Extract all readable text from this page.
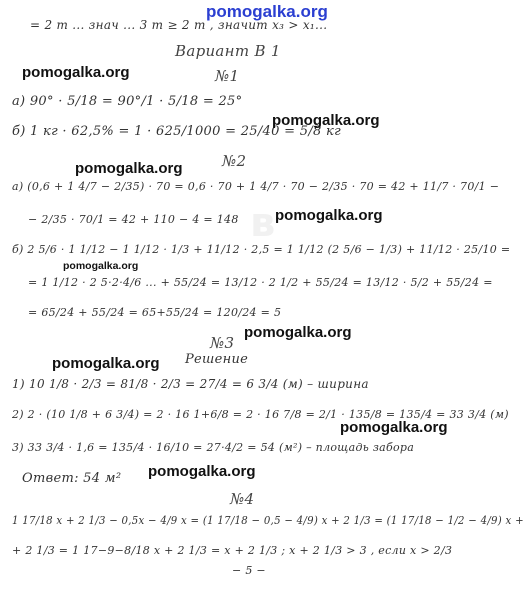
в
= 2 m ... знач ... 3 m ≥ 2 m , значит x₃ > x₁...
Вариант В 1
№1
а) 90° · 5/18 = 90°/1 · 5/18 = 25°
б) 1 кг · 62,5% = 1 · 625/1000 = 25/40 = 5/8 кг
№2
а) (0,6 + 1 4/7 − 2/35) · 70 = 0,6 · 70 + 1 4/7 · 70 − 2/35 · 70 = 42 + 11/7 · 70/1 −
− 2/35 · 70/1 = 42 + 110 − 4 = 148
б) 2 5/6 · 1 1/12 − 1 1/12 · 1/3 + 11/12 · 2,5 = 1 1/12 (2 5/6 − 1/3) + 11/12 · 25/10 =
= 1 1/12 · 2 5·2·4/6 ... + 55/24 = 13/12 · 2 1/2 + 55/24 = 13/12 · 5/2 + 55/24 =
= 65/24 + 55/24 = 65+55/24 = 120/24 = 5
№3
Решение
1) 10 1/8 · 2/3 = 81/8 · 2/3 = 27/4 = 6 3/4 (м) – ширина
2) 2 · (10 1/8 + 6 3/4) = 2 · 16 1+6/8 = 2 · 16 7/8 = 2/1 · 135/8 = 135/4 = 33 3/4 (м)
3) 33 3/4 · 1,6 = 135/4 · 16/10 = 27·4/2 = 54 (м²) – площадь забора
Ответ: 54 м²
№4
1 17/18 x + 2 1/3 − 0,5x − 4/9 x = (1 17/18 − 0,5 − 4/9) x + 2 1/3 = (1 17/18 − 1/2 − 4/9) x +
+ 2 1/3 = 1 17−9−8/18 x + 2 1/3 = x + 2 1/3 ; x + 2 1/3 > 3 , если x > 2/3
− 5 −
pomogalka.org
pomogalka.org
pomogalka.org
pomogalka.org
pomogalka.org
pomogalka.org
pomogalka.org
pomogalka.org
pomogalka.org
pomogalka.org
